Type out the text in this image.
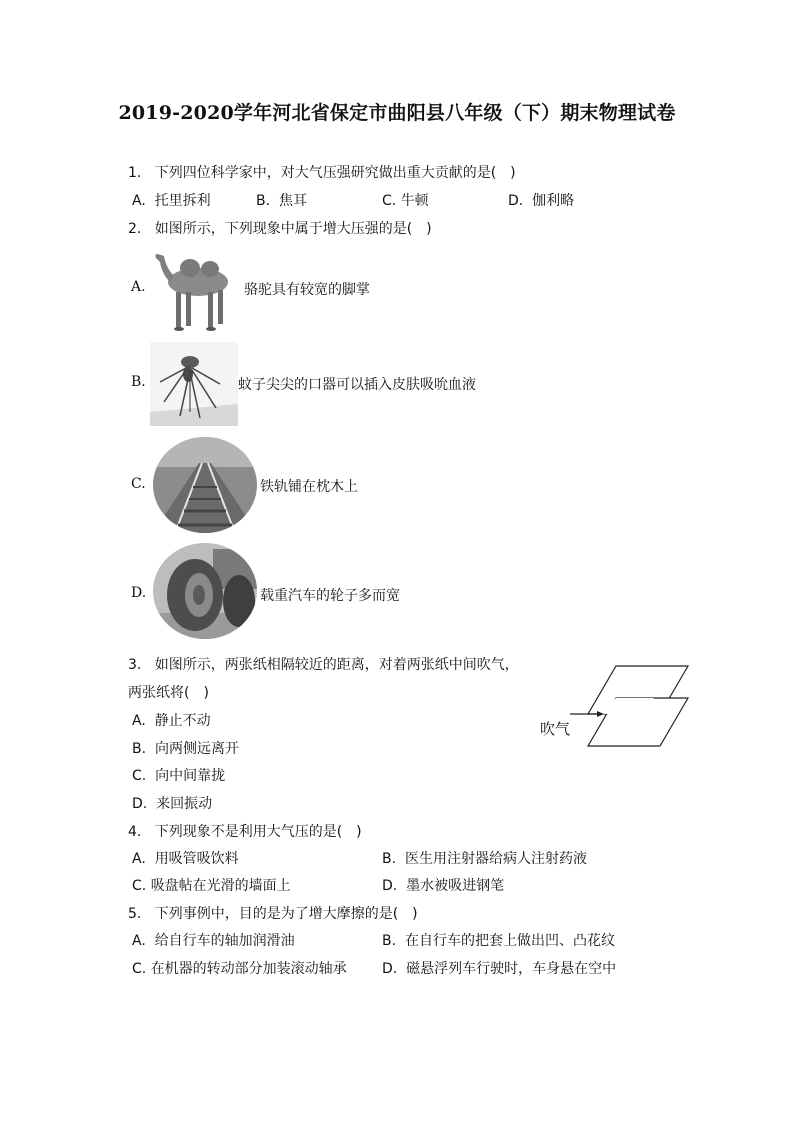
2019-2020学年河北省保定市曲阳县八年级（下）期末物理试卷
1. 下列四位科学家中，对大气压强研究做出重大贡献的是(　)
A. 托里拆利	B. 焦耳	C. 牛顿	D. 伽利略
2. 如图所示，下列现象中属于增大压强的是(　)
A.	骆驼具有较宽的脚掌
B.	蚊子尖尖的口器可以插入皮肤吸吮血液
C.	铁轨铺在枕木上
D.	载重汽车的轮子多而宽
3. 如图所示，两张纸相隔较近的距离，对着两张纸中间吹气，
两张纸将(　)
A. 静止不动
B. 向两侧远离开
C. 向中间靠拢
D. 来回振动
吹气
4. 下列现象不是利用大气压的是(　)
A. 用吸管吸饮料	B. 医生用注射器给病人注射药液
C. 吸盘帖在光滑的墙面上	D. 墨水被吸进钢笔
5. 下列事例中，目的是为了增大摩擦的是(　)
A. 给自行车的轴加润滑油	B. 在自行车的把套上做出凹、凸花纹
C. 在机器的转动部分加装滚动轴承	D. 磁悬浮列车行驶时，车身悬在空中
